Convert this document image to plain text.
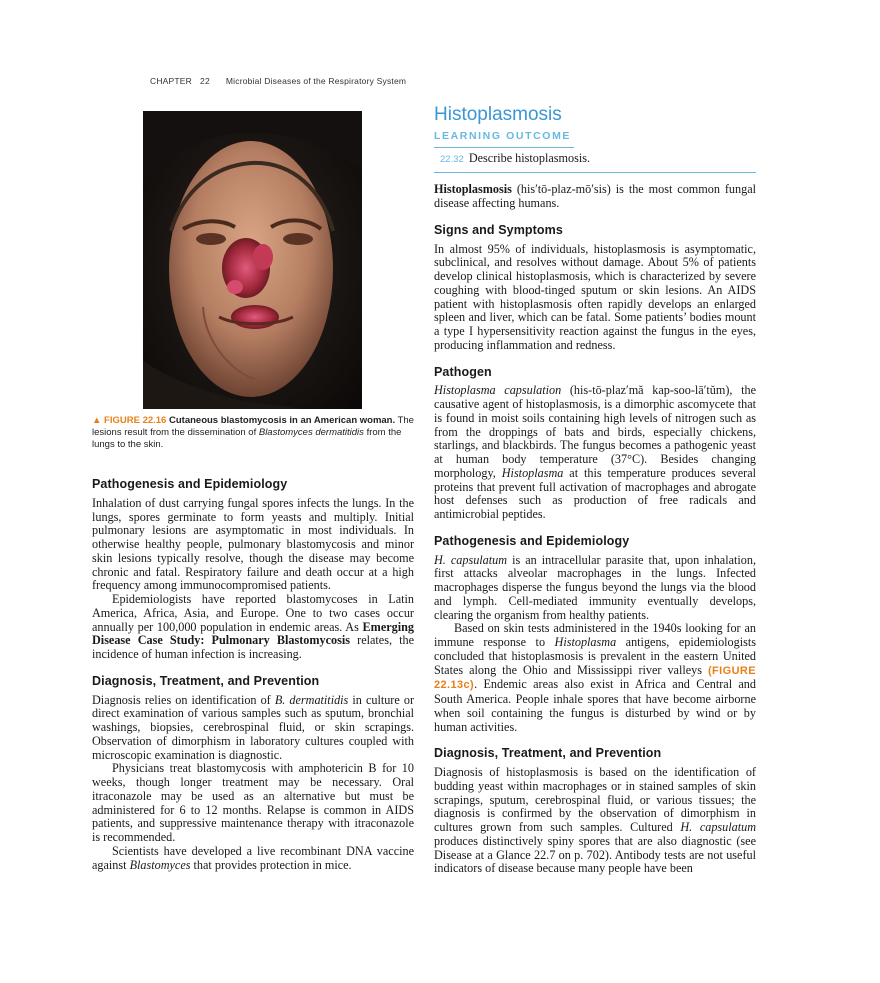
CHAPTER 22 Microbial Diseases of the Respiratory System
▲ FIGURE 22.16 Cutaneous blastomycosis in an American woman. The lesions result from the dissemination of Blastomyces dermatitidis from the lungs to the skin.
Pathogenesis and Epidemiology

Inhalation of dust carrying fungal spores infects the lungs. In the lungs, spores germinate to form yeasts and multiply. Initial pulmonary lesions are asymptomatic in most individuals. In otherwise healthy people, pulmonary blastomycosis and minor skin lesions typically resolve, though the disease may become chronic and fatal. Respiratory failure and death occur at a high frequency among immunocompromised patients.

Epidemiologists have reported blastomycoses in Latin America, Africa, Asia, and Europe. One to two cases occur annually per 100,000 population in endemic areas. As Emerging Disease Case Study: Pulmonary Blastomycosis relates, the incidence of human infection is increasing.

Diagnosis, Treatment, and Prevention

Diagnosis relies on identification of B. dermatitidis in culture or direct examination of various samples such as sputum, bronchial washings, biopsies, cerebrospinal fluid, or skin scrapings. Observation of dimorphism in laboratory cultures coupled with microscopic examination is diagnostic.

Physicians treat blastomycosis with amphotericin B for 10 weeks, though longer treatment may be necessary. Oral itraconazole may be used as an alternative but must be administered for 6 to 12 months. Relapse is common in AIDS patients, and suppressive maintenance therapy with itraconazole is recommended.

Scientists have developed a live recombinant DNA vaccine against Blastomyces that provides protection in mice.

Histoplasmosis
LEARNING OUTCOME
22.32 Describe histoplasmosis.

Histoplasmosis (his′tō-plaz-mō′sis) is the most common fungal disease affecting humans.

Signs and Symptoms

In almost 95% of individuals, histoplasmosis is asymptomatic, subclinical, and resolves without damage. About 5% of patients develop clinical histoplasmosis, which is characterized by severe coughing with blood-tinged sputum or skin lesions. An AIDS patient with histoplasmosis often rapidly develops an enlarged spleen and liver, which can be fatal. Some patients’ bodies mount a type I hypersensitivity reaction against the fungus in the eyes, producing inflammation and redness.

Pathogen

Histoplasma capsulation (his-tō-plaz′mă kap-soo-lā′tŭm), the causative agent of histoplasmosis, is a dimorphic ascomycete that is found in moist soils containing high levels of nitrogen such as from the droppings of bats and birds, especially chickens, starlings, and blackbirds. The fungus becomes a pathogenic yeast at human body temperature (37°C). Besides changing morphology, Histoplasma at this temperature produces several proteins that prevent full activation of macrophages and abrogate host defenses such as production of free radicals and antimicrobial peptides.

Pathogenesis and Epidemiology

H. capsulatum is an intracellular parasite that, upon inhalation, first attacks alveolar macrophages in the lungs. Infected macrophages disperse the fungus beyond the lungs via the blood and lymph. Cell-mediated immunity eventually develops, clearing the organism from healthy patients.

Based on skin tests administered in the 1940s looking for an immune response to Histoplasma antigens, epidemiologists concluded that histoplasmosis is prevalent in the eastern United States along the Ohio and Mississippi river valleys (FIGURE 22.13c). Endemic areas also exist in Africa and Central and South America. People inhale spores that have become airborne when soil containing the fungus is disturbed by wind or by human activities.

Diagnosis, Treatment, and Prevention

Diagnosis of histoplasmosis is based on the identification of budding yeast within macrophages or in stained samples of skin scrapings, sputum, cerebrospinal fluid, or various tissues; the diagnosis is confirmed by the observation of dimorphism in cultures grown from such samples. Cultured H. capsulatum produces distinctively spiny spores that are also diagnostic (see Disease at a Glance 22.7 on p. 702). Antibody tests are not useful indicators of disease because many people have been
